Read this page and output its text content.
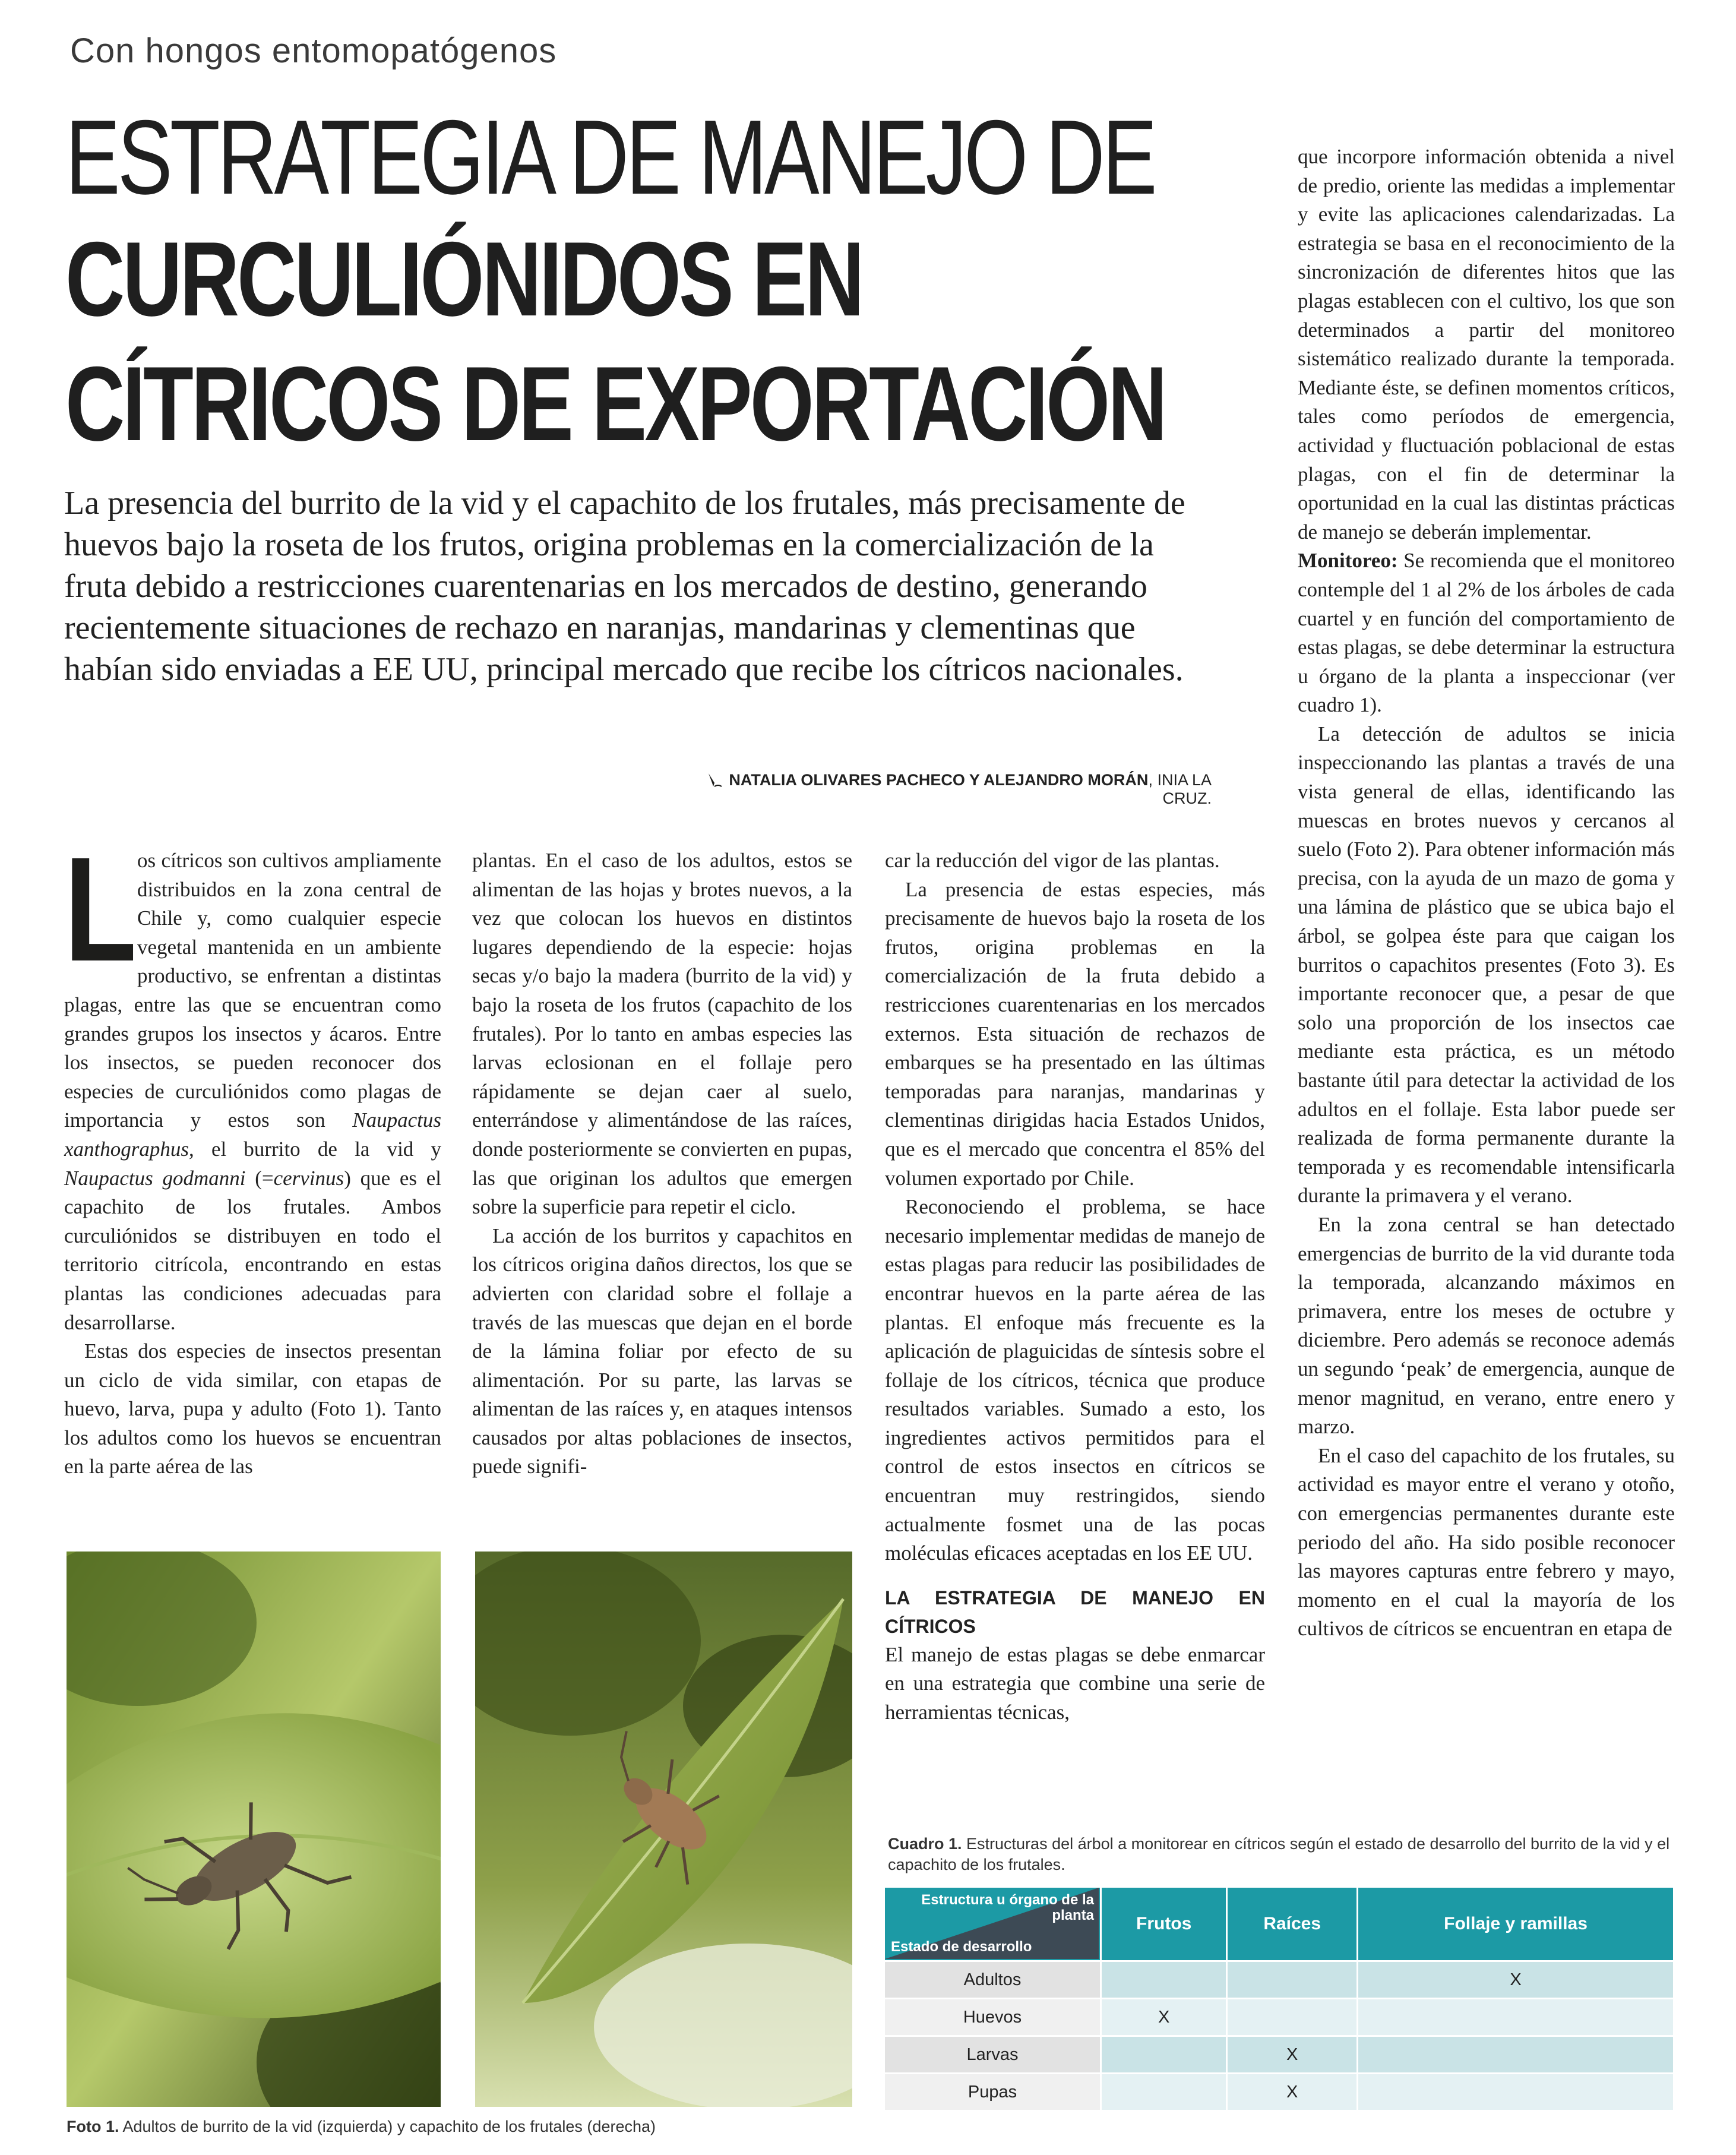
Con hongos entomopatógenos
ESTRATEGIA DE MANEJO DE
CURCULIÓNIDOS EN
CÍTRICOS DE EXPORTACIÓN
La presencia del burrito de la vid y el capachito de los frutales, más precisamente de huevos bajo la roseta de los frutos, origina problemas en la comercialización de la fruta debido a restricciones cuarentenarias en los mercados de destino, generando recientemente situaciones de rechazo en naranjas, mandarinas y clementinas que habían sido enviadas a EE UU, principal mercado que recibe los cítricos nacionales.
NATALIA OLIVARES PACHECO Y ALEJANDRO MORÁN, INIA LA CRUZ.

Los cítricos son cultivos ampliamente distribuidos en la zona central de Chile y, como cualquier especie vegetal mantenida en un ambiente productivo, se enfrentan a distintas plagas, entre las que se encuentran como grandes grupos los insectos y ácaros. Entre los insectos, se pueden reconocer dos especies de curculiónidos como plagas de importancia y estos son Naupactus xanthographus, el burrito de la vid y Naupactus godmanni (=cervinus) que es el capachito de los frutales. Ambos curculiónidos se distribuyen en todo el territorio citrícola, encontrando en estas plantas las condiciones adecuadas para desarrollarse.

Estas dos especies de insectos presentan un ciclo de vida similar, con etapas de huevo, larva, pupa y adulto (Foto 1). Tanto los adultos como los huevos se encuentran en la parte aérea de las

plantas. En el caso de los adultos, estos se alimentan de las hojas y brotes nuevos, a la vez que colocan los huevos en distintos lugares dependiendo de la especie: hojas secas y/o bajo la madera (burrito de la vid) y bajo la roseta de los frutos (capachito de los frutales). Por lo tanto en ambas especies las larvas eclosionan en el follaje pero rápidamente se dejan caer al suelo, enterrándose y alimentándose de las raíces, donde posteriormente se convierten en pupas, las que originan los adultos que emergen sobre la superficie para repetir el ciclo.

La acción de los burritos y capachitos en los cítricos origina daños directos, los que se advierten con claridad sobre el follaje a través de las muescas que dejan en el borde de la lámina foliar por efecto de su alimentación. Por su parte, las larvas se alimentan de las raíces y, en ataques intensos causados por altas poblaciones de insectos, puede signifi-

car la reducción del vigor de las plantas.

La presencia de estas especies, más precisamente de huevos bajo la roseta de los frutos, origina problemas en la comercialización de la fruta debido a restricciones cuarentenarias en los mercados externos. Esta situación de rechazos de embarques se ha presentado en las últimas temporadas para naranjas, mandarinas y clementinas dirigidas hacia Estados Unidos, que es el mercado que concentra el 85% del volumen exportado por Chile.

Reconociendo el problema, se hace necesario implementar medidas de manejo de estas plagas para reducir las posibilidades de encontrar huevos en la parte aérea de las plantas. El enfoque más frecuente es la aplicación de plaguicidas de síntesis sobre el follaje de los cítricos, técnica que produce resultados variables. Sumado a esto, los ingredientes activos permitidos para el control de estos insectos en cítricos se encuentran muy restringidos, siendo actualmente fosmet una de las pocas moléculas eficaces aceptadas en los EE UU.

LA ESTRATEGIA DE MANEJO EN CÍTRICOS

El manejo de estas plagas se debe enmarcar en una estrategia que combine una serie de herramientas técnicas,

que incorpore información obtenida a nivel de predio, oriente las medidas a implementar y evite las aplicaciones calendarizadas. La estrategia se basa en el reconocimiento de la sincronización de diferentes hitos que las plagas establecen con el cultivo, los que son determinados a partir del monitoreo sistemático realizado durante la temporada. Mediante éste, se definen momentos críticos, tales como períodos de emergencia, actividad y fluctuación poblacional de estas plagas, con el fin de determinar la oportunidad en la cual las distintas prácticas de manejo se deberán implementar.

Monitoreo: Se recomienda que el monitoreo contemple del 1 al 2% de los árboles de cada cuartel y en función del comportamiento de estas plagas, se debe determinar la estructura u órgano de la planta a inspeccionar (ver cuadro 1).

La detección de adultos se inicia inspeccionando las plantas a través de una vista general de ellas, identificando las muescas en brotes nuevos y cercanos al suelo (Foto 2). Para obtener información más precisa, con la ayuda de un mazo de goma y una lámina de plástico que se ubica bajo el árbol, se golpea éste para que caigan los burritos o capachitos presentes (Foto 3). Es importante reconocer que, a pesar de que solo una proporción de los insectos cae mediante esta práctica, es un método bastante útil para detectar la actividad de los adultos en el follaje. Esta labor puede ser realizada de forma permanente durante la temporada y es recomendable intensificarla durante la primavera y el verano.

En la zona central se han detectado emergencias de burrito de la vid durante toda la temporada, alcanzando máximos en primavera, entre los meses de octubre y diciembre. Pero además se reconoce además un segundo ‘peak’ de emergencia, aunque de menor magnitud, en verano, entre enero y marzo.

En el caso del capachito de los frutales, su actividad es mayor entre el verano y otoño, con emergencias permanentes durante este periodo del año. Ha sido posible reconocer las mayores capturas entre febrero y mayo, momento en el cual la mayoría de los cultivos de cítricos se encuentran en etapa de

Foto 1. Adultos de burrito de la vid (izquierda) y capachito de los frutales (derecha)
Cuadro 1. Estructuras del árbol a monitorear en cítricos según el estado de desarrollo del burrito de la vid y el capachito de los frutales.
Estructura u órgano de la planta
Estado de desarrollo	Frutos	Raíces	Follaje y ramillas
Adultos			X
Huevos	X		
Larvas		X	
Pupas		X	
